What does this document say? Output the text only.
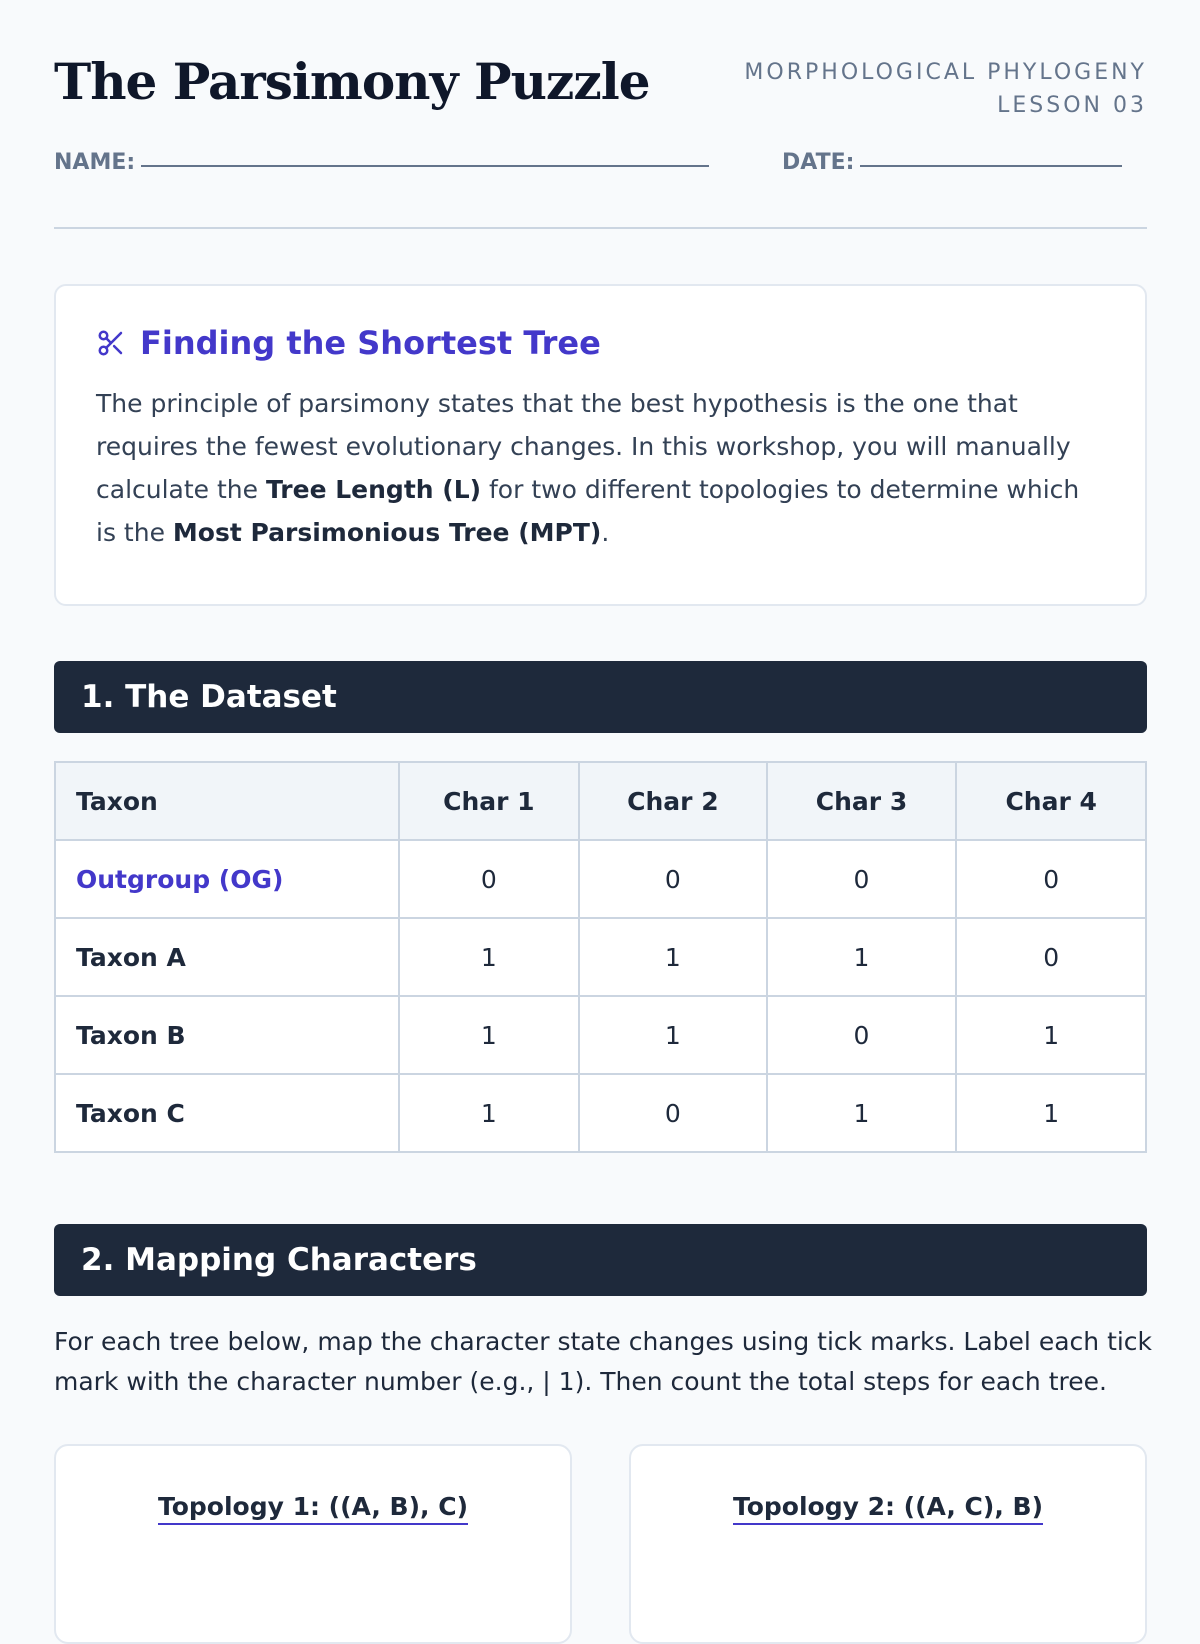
The Parsimony Puzzle	MORPHOLOGICAL PHYLOGENY
LESSON 03
NAME:	DATE:
Finding the Shortest Tree

The principle of parsimony states that the best hypothesis is the one that requires the fewest evolutionary changes. In this workshop, you will manually calculate the Tree Length (L) for two different topologies to determine which is the Most Parsimonious Tree (MPT).

1. The Dataset
Taxon	Char 1	Char 2	Char 3	Char 4
Outgroup (OG)	0	0	0	0
Taxon A	1	1	1	0
Taxon B	1	1	0	1
Taxon C	1	0	1	1
2. Mapping Characters

For each tree below, map the character state changes using tick marks. Label each tick mark with the character number (e.g., | 1). Then count the total steps for each tree.

Topology 1: ((A, B), C)	Topology 2: ((A, C), B)
